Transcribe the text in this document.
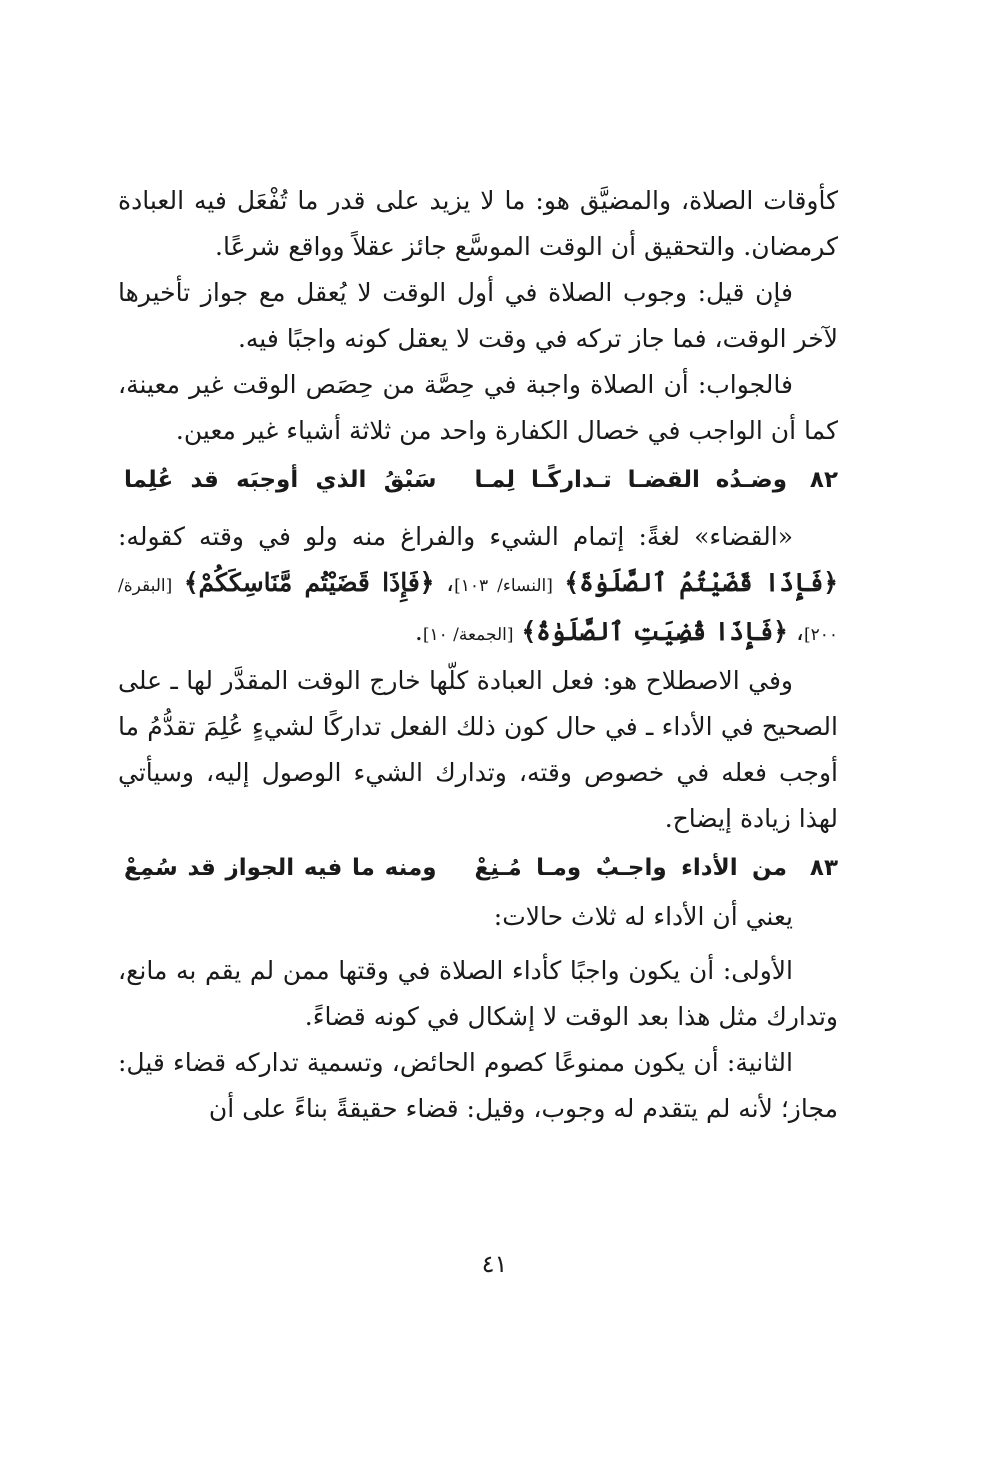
كأوقات الصلاة، والمضيَّق هو: ما لا يزيد على قدر ما تُفْعَل فيه العبادة كرمضان. والتحقيق أن الوقت الموسَّع جائز عقلاً وواقع شرعًا.

فإن قيل: وجوب الصلاة في أول الوقت لا يُعقل مع جواز تأخيرها لآخر الوقت، فما جاز تركه في وقت لا يعقل كونه واجبًا فيه.

فالجواب: أن الصلاة واجبة في حِصَّة من حِصَص الوقت غير معينة، كما أن الواجب في خصال الكفارة واحد من ثلاثة أشياء غير معين.

٨٢
وضـدُه القضـا تـداركًـا لِمـا
سَبْقُ الذي أوجبَه قد عُلِما

«القضاء» لغةً: إتمام الشيء والفراغ منه ولو في وقته كقوله: ﴿فَإِذَا قَضَيْتُمُ ٱلصَّلَوٰةَ﴾ [النساء/ ١٠٣]، ﴿فَإِذَا قَضَيْتُم مَّنَاسِكَكُمْ﴾ [البقرة/ ٢٠٠]، ﴿فَإِذَا قُضِيَتِ ٱلصَّلَوٰةُ﴾ [الجمعة/ ١٠].

وفي الاصطلاح هو: فعل العبادة كلّها خارج الوقت المقدَّر لها ـ على الصحيح في الأداء ـ في حال كون ذلك الفعل تداركًا لشيءٍ عُلِمَ تقدُّمُ ما أوجب فعله في خصوص وقته، وتدارك الشيء الوصول إليه، وسيأتي لهذا زيادة إيضاح.

٨٣
من الأداء واجـبٌ ومـا مُـنِعْ
ومنه ما فيه الجواز قد سُمِعْ

يعني أن الأداء له ثلاث حالات:

الأولى: أن يكون واجبًا كأداء الصلاة في وقتها ممن لم يقم به مانع، وتدارك مثل هذا بعد الوقت لا إشكال في كونه قضاءً.

الثانية: أن يكون ممنوعًا كصوم الحائض، وتسمية تداركه قضاء قيل: مجاز؛ لأنه لم يتقدم له وجوب، وقيل: قضاء حقيقةً بناءً على أن

٤١
